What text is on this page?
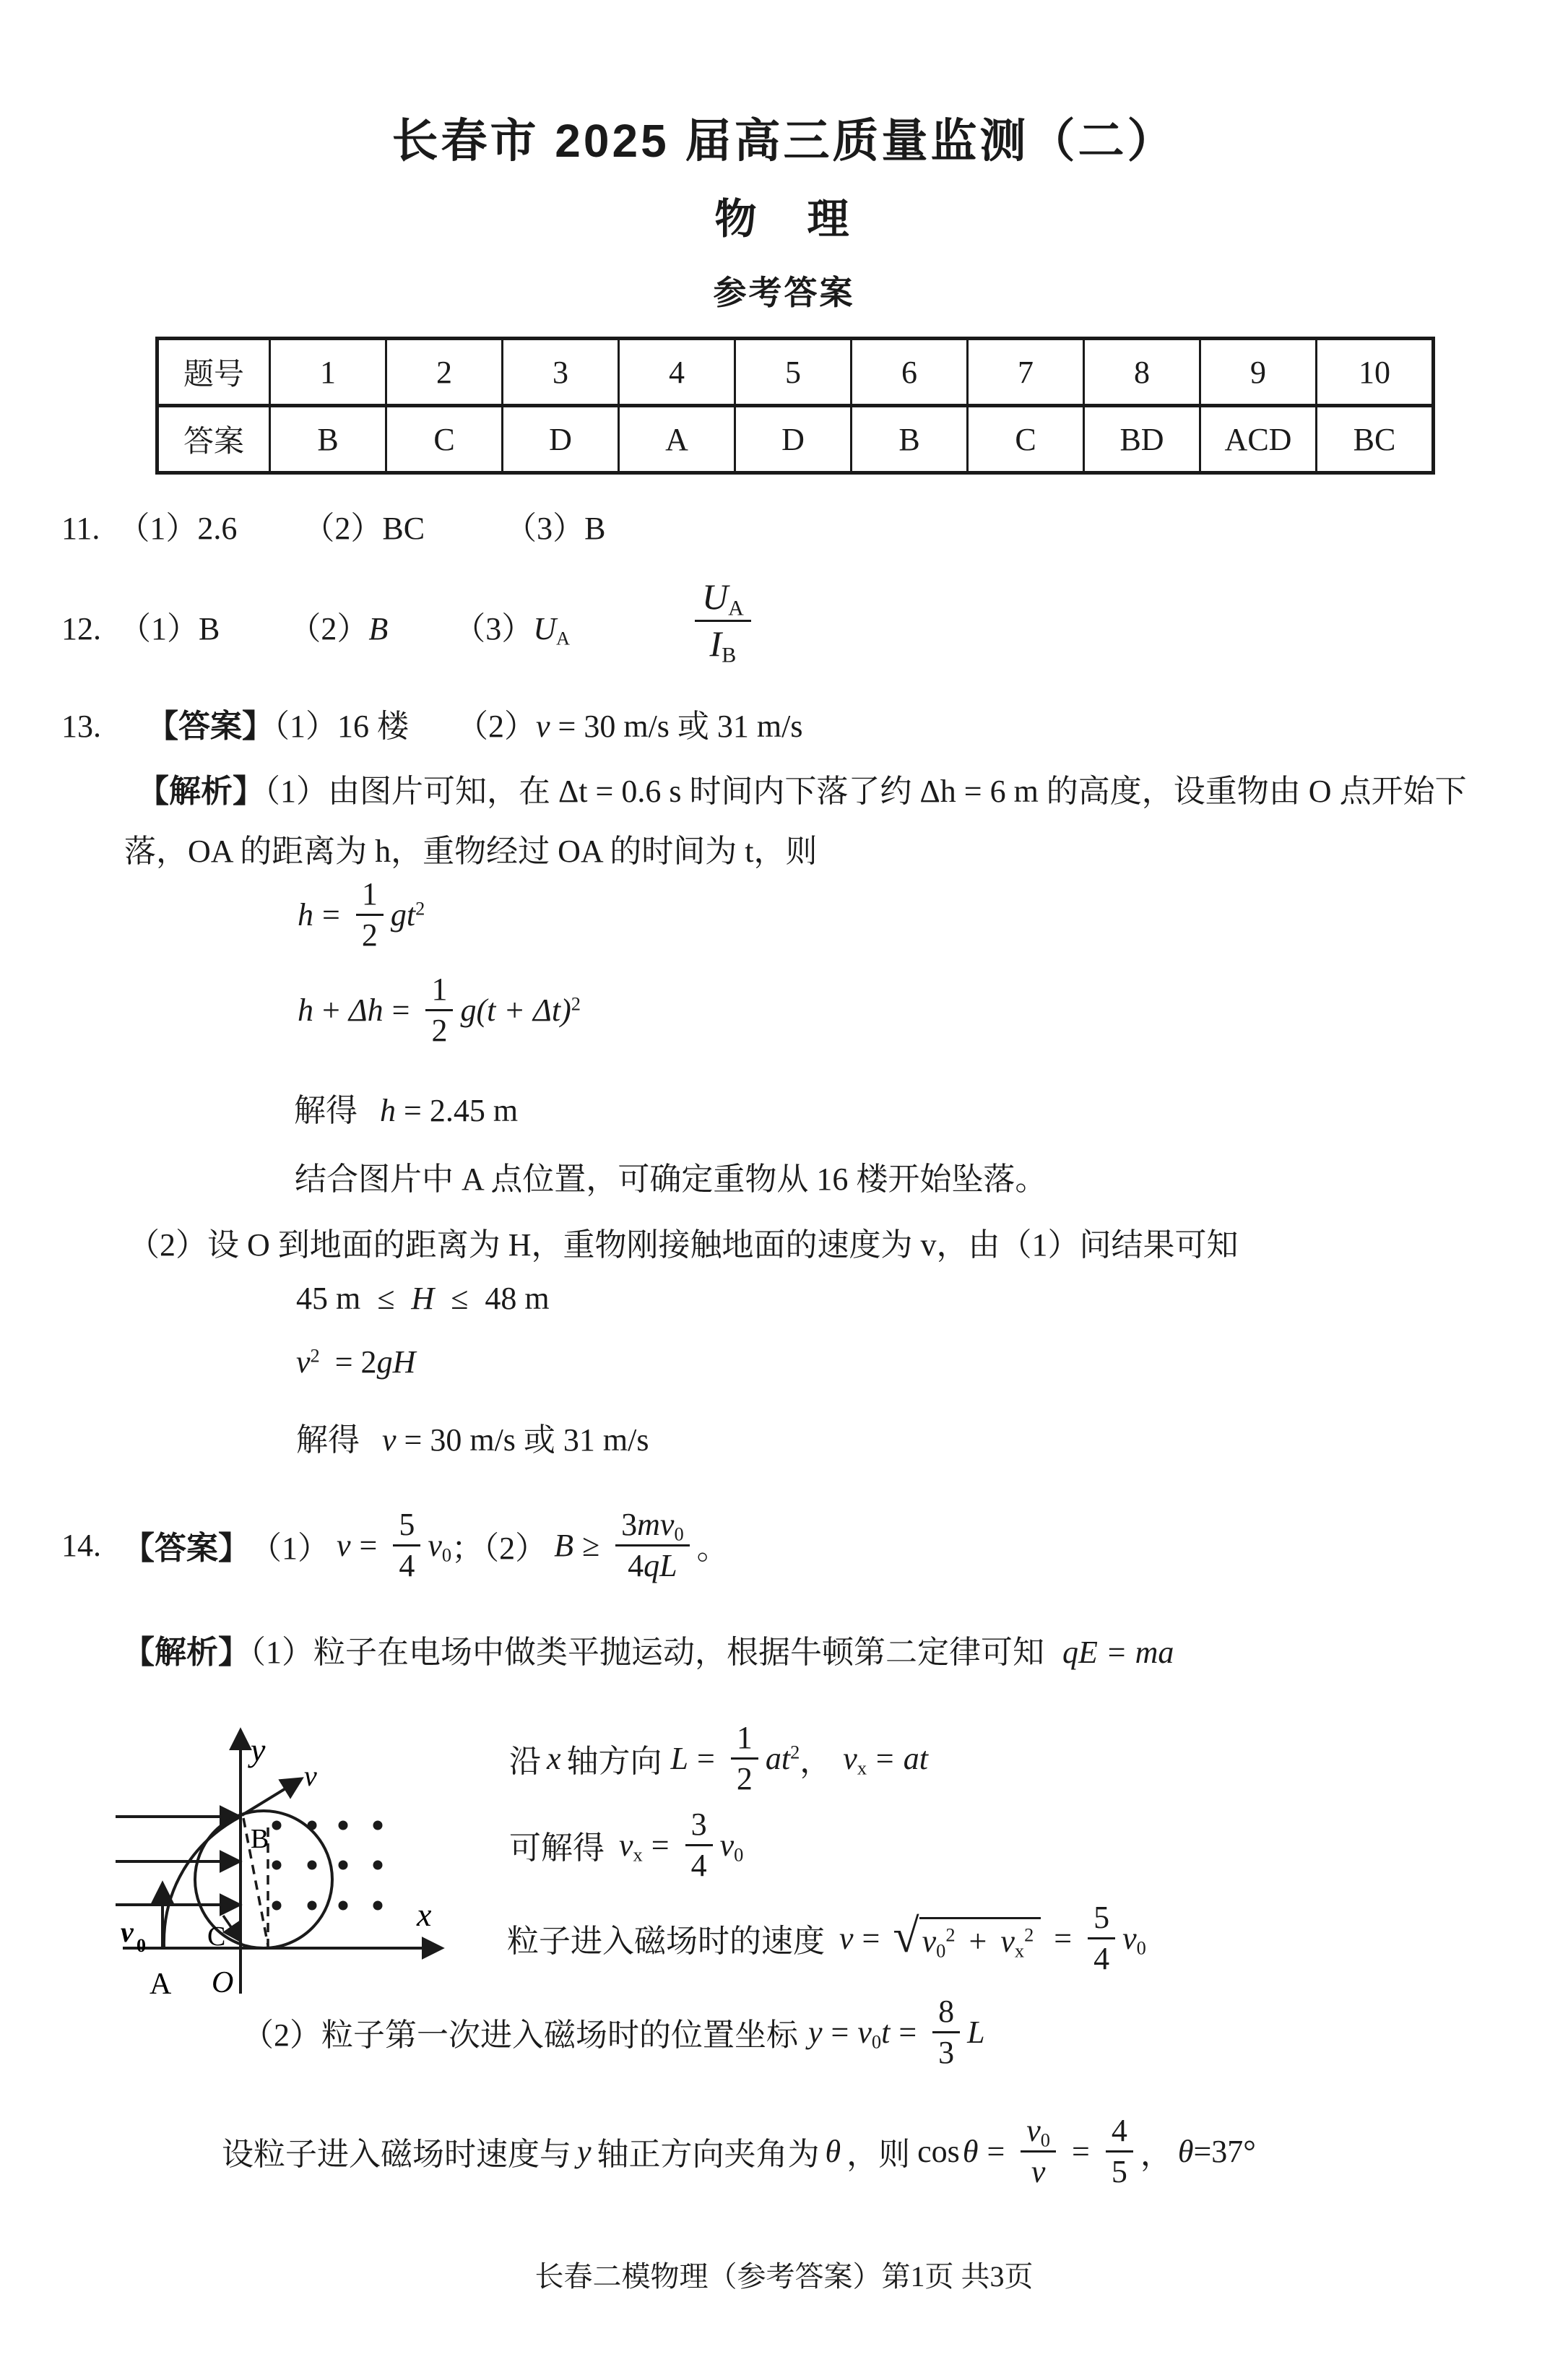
长春市 2025 届高三质量监测（二）
物　理
参考答案
题号	1	2	3	4	5	6	7	8	9	10
答案	B	C	D	A	D	B	C	BD	ACD	BC
11. （1）2.6 （2）BC	（3）B
12. （1）B （2）B $(3)U_A$	$\frac{U_A}{I_B}$
13. 【答案】（1）16 楼 （2）v = 30 m/s 或 31 m/s
【解析】（1）由图片可知，在 Δt = 0.6 s 时间内下落了约 Δh = 6 m 的高度，设重物由 O 点开始下
落，OA 的距离为 h，重物经过 OA 的时间为 t，则
$h = \frac{1}{2} gt^2$
$h + \Delta h = \frac{1}{2} g(t + \Delta t)^2$
解得 h = 2.45 m
结合图片中 A 点位置，可确定重物从 16 楼开始坠落。
（2）设 O 到地面的距离为 H，重物刚接触地面的速度为 v，由（1）问结果可知
45 m ≤ H ≤ 48 m
$v^2 = 2gH$
解得 v = 30 m/s 或 31 m/s
14. 【答案】 （1） $v = \frac{5}{4} v_0$ ；（2） $B \ge \frac{3mv_0}{4qL}$ 。
【解析】（1）粒子在电场中做类平抛运动，根据牛顿第二定律可知 qE = ma
y
x
v
v 0
B
C
A O
沿 x 轴方向 $L = \frac{1}{2} at^2$ ， $v_x$ = at
可解得 $v_x = \frac{3}{4} v_0$
粒子进入磁场时的速度 v = √ $v_0^2 + v_x^2 = \frac{5}{4} v_0$
（2）粒子第一次进入磁场时的位置坐标 $y = v_0t = \frac{8}{3}$ L
设粒子进入磁场时速度与 y 轴正方向夹角为 θ ，则 $\cos \theta = \frac{v_0}{v} = \frac{4}{5}$ ， θ =37°
长春二模物理（参考答案）第1页 共3页
